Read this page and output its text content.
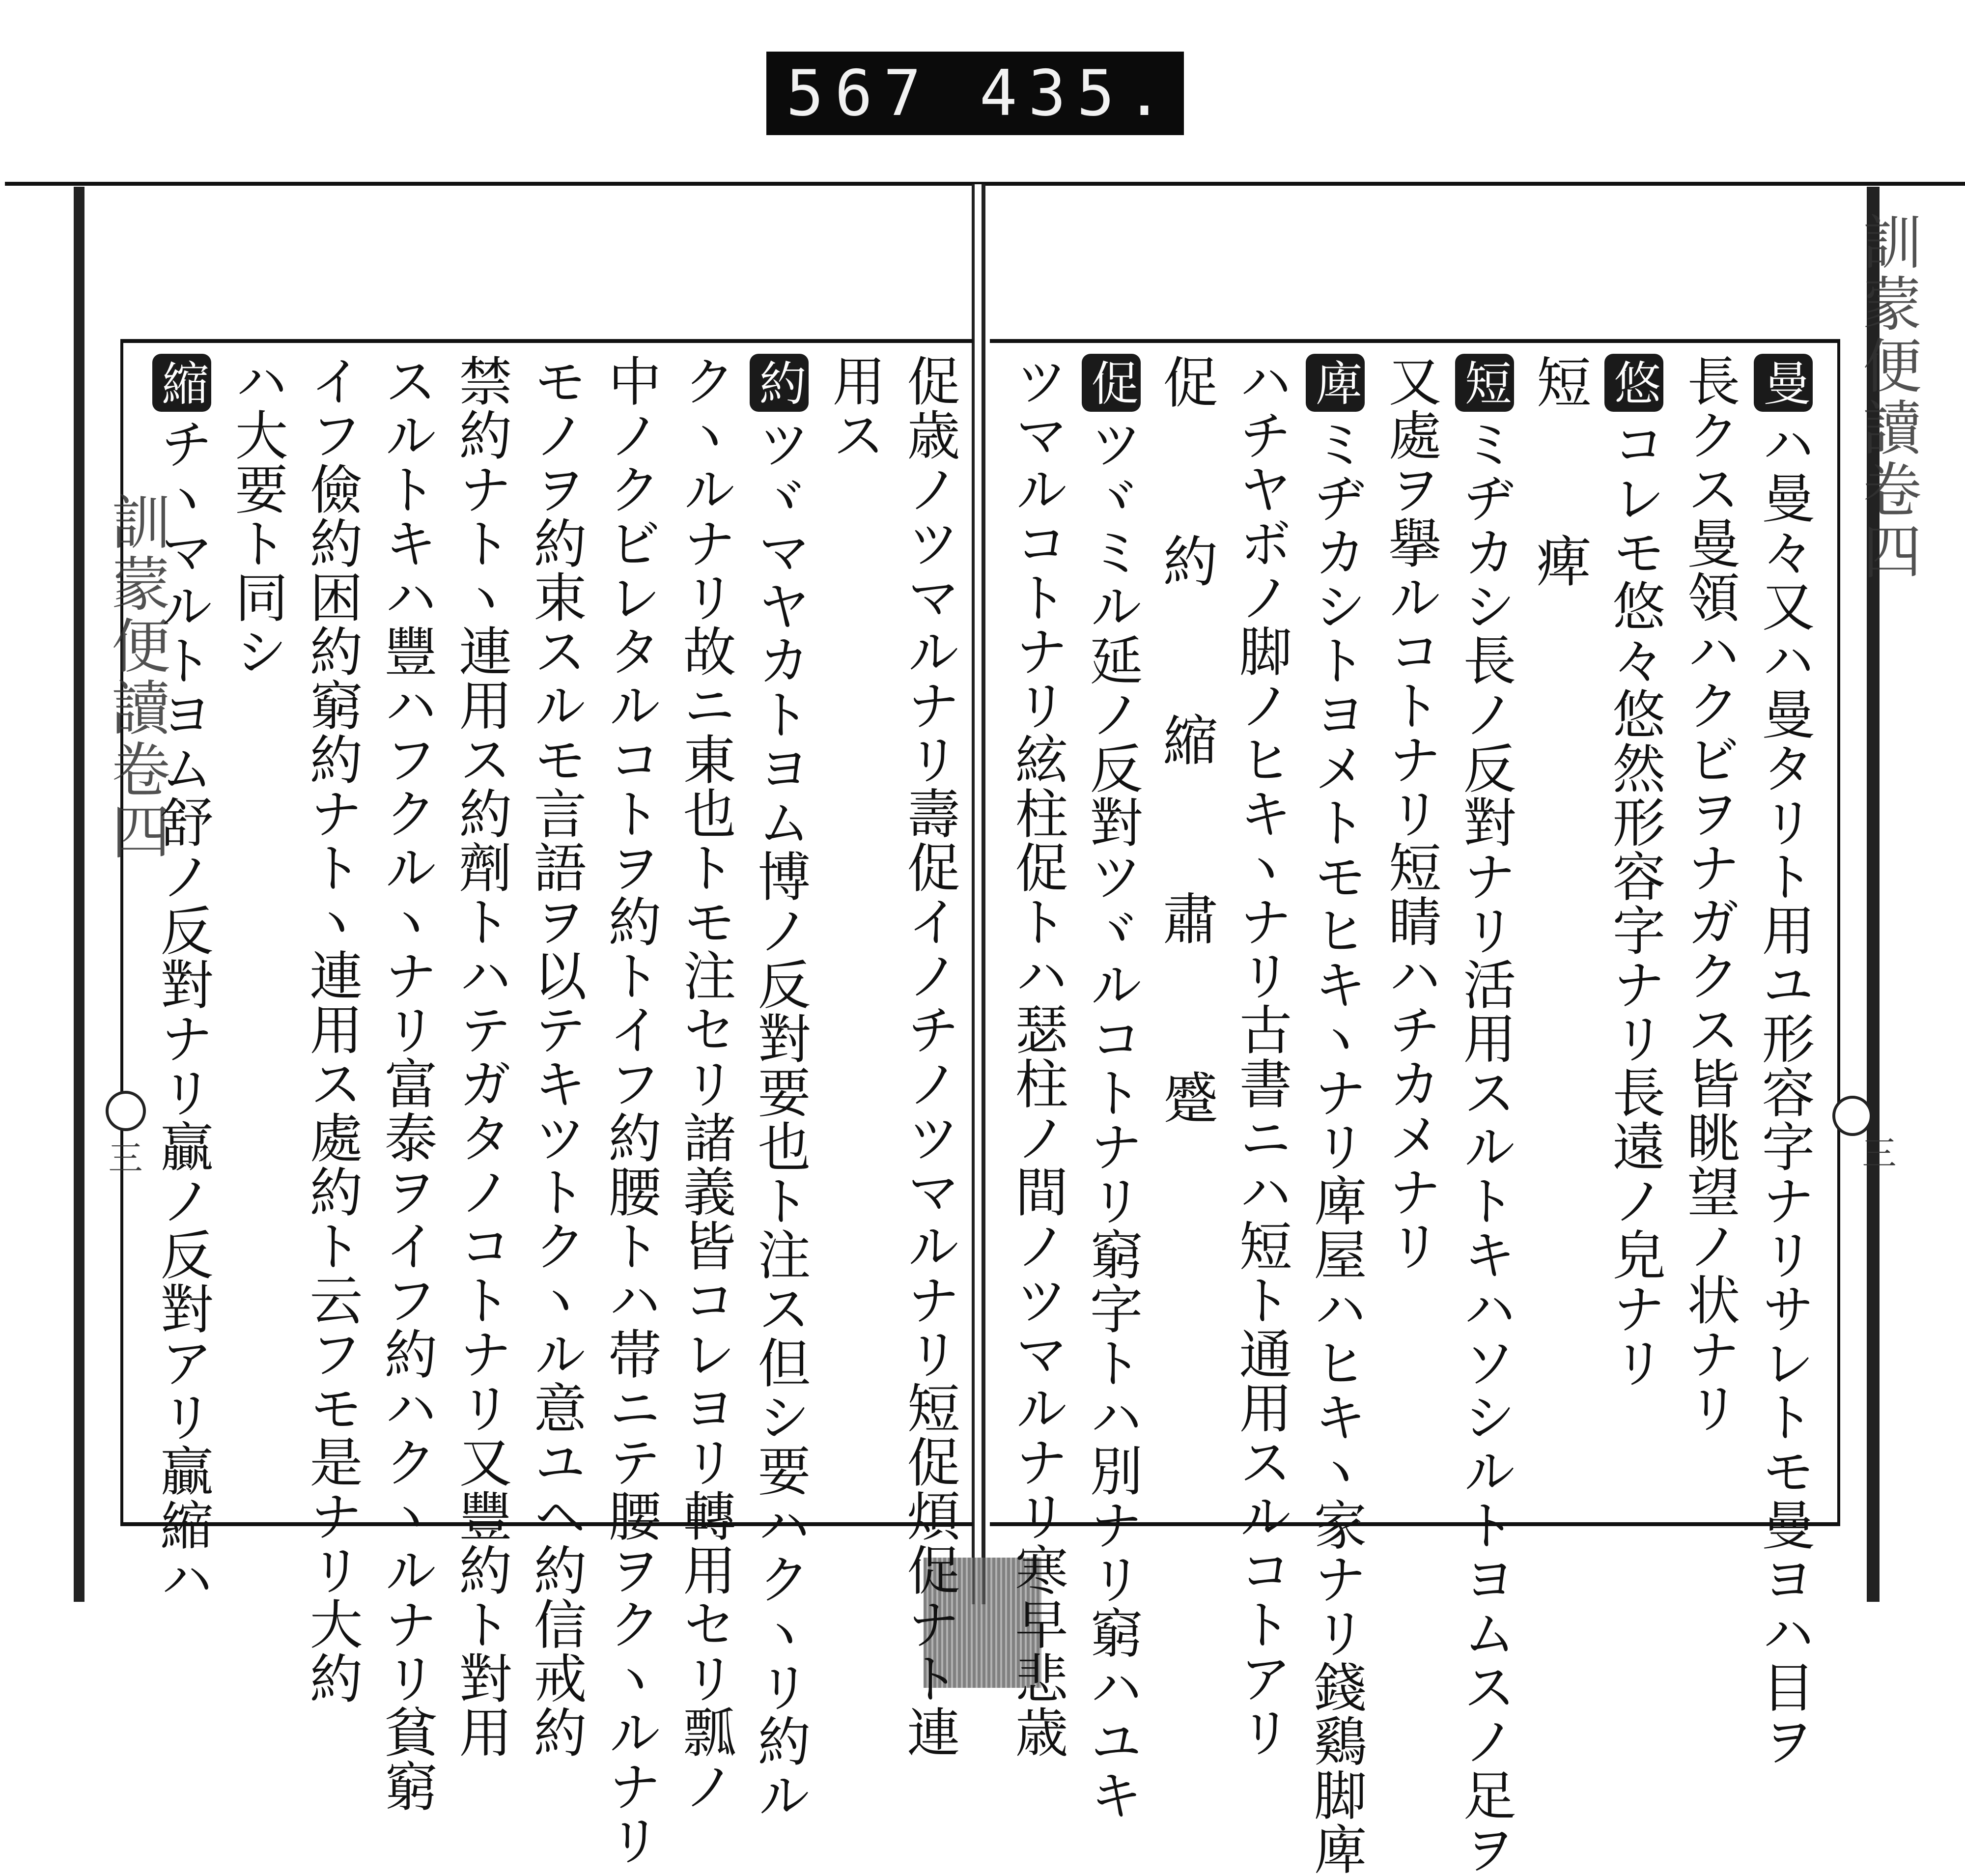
567 435.
訓蒙便讀卷四
三
訓蒙便讀卷四
三
曼ハ曼々又ハ曼タリト用ユ形容字ナリサレトモ曼ヨハ目ヲ
長クス曼領ハクビヲナガクス皆眺望ノ状ナリ
悠コレモ悠々悠然形容字ナリ長遠ノ皃ナリ
短　痺
短ミヂカシ長ノ反對ナリ活用スルトキハソシルトヨムスノ足ヲ
又處ヲ擧ルコトナリ短睛ハチカメナリ
庳ミヂカシトヨメトモヒキヽナリ庳屋ハヒキヽ家ナリ錢鷄脚庳
ハチヤボノ脚ノヒキヽナリ古書ニハ短ト通用スルコトアリ
促　約　縮　肅　蹙
促ツヾミル延ノ反對ツヾルコトナリ窮字トハ別ナリ窮ハユキ
ツマルコトナリ絃柱促トハ瑟柱ノ間ノツマルナリ寒早悲歳
促歳ノツマルナリ壽促イノチノツマルナリ短促煩促ナト連
用ス
約ツヾマヤカトヨム博ノ反對要也ト注ス但シ要ハクヽリ約ル
クヽルナリ故ニ東也トモ注セリ諸義皆コレヨリ轉用セリ瓢ノ
中ノクビレタルコトヲ約トイフ約腰トハ帯ニテ腰ヲクヽルナリ
モノヲ約束スルモ言語ヲ以テキツトクヽル意ユヘ約信戒約
禁約ナトヽ連用ス約劑トハテガタノコトナリ又豐約ト對用
スルトキハ豐ハフクルヽナリ富泰ヲイフ約ハクヽルナリ貧窮
イフ儉約困約窮約ナトヽ連用ス處約ト云フモ是ナリ大約
ハ大要ト同シ
縮チヽマルトヨム舒ノ反對ナリ贏ノ反對アリ贏縮ハ
